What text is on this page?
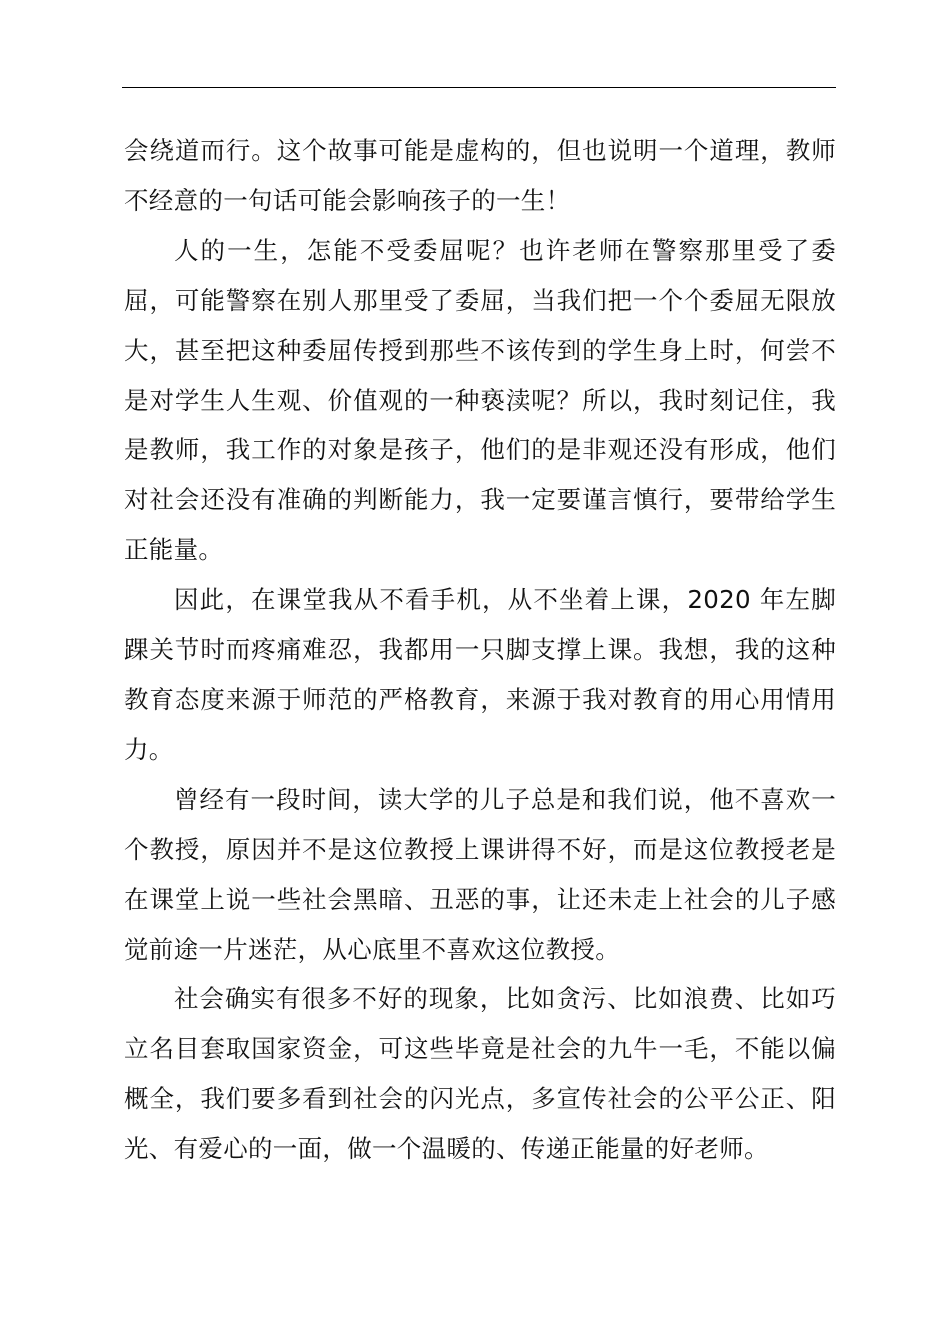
会绕道而行。这个故事可能是虚构的，但也说明一个道理，教师不经意的一句话可能会影响孩子的一生！

人的一生，怎能不受委屈呢？也许老师在警察那里受了委屈，可能警察在别人那里受了委屈，当我们把一个个委屈无限放大，甚至把这种委屈传授到那些不该传到的学生身上时，何尝不是对学生人生观、价值观的一种亵渎呢？所以，我时刻记住，我是教师，我工作的对象是孩子，他们的是非观还没有形成，他们对社会还没有准确的判断能力，我一定要谨言慎行，要带给学生正能量。

因此，在课堂我从不看手机，从不坐着上课，2020 年左脚踝关节时而疼痛难忍，我都用一只脚支撑上课。我想，我的这种教育态度来源于师范的严格教育，来源于我对教育的用心用情用力。

曾经有一段时间，读大学的儿子总是和我们说，他不喜欢一个教授，原因并不是这位教授上课讲得不好，而是这位教授老是在课堂上说一些社会黑暗、丑恶的事，让还未走上社会的儿子感觉前途一片迷茫，从心底里不喜欢这位教授。

社会确实有很多不好的现象，比如贪污、比如浪费、比如巧立名目套取国家资金，可这些毕竟是社会的九牛一毛，不能以偏概全，我们要多看到社会的闪光点，多宣传社会的公平公正、阳光、有爱心的一面，做一个温暖的、传递正能量的好老师。
